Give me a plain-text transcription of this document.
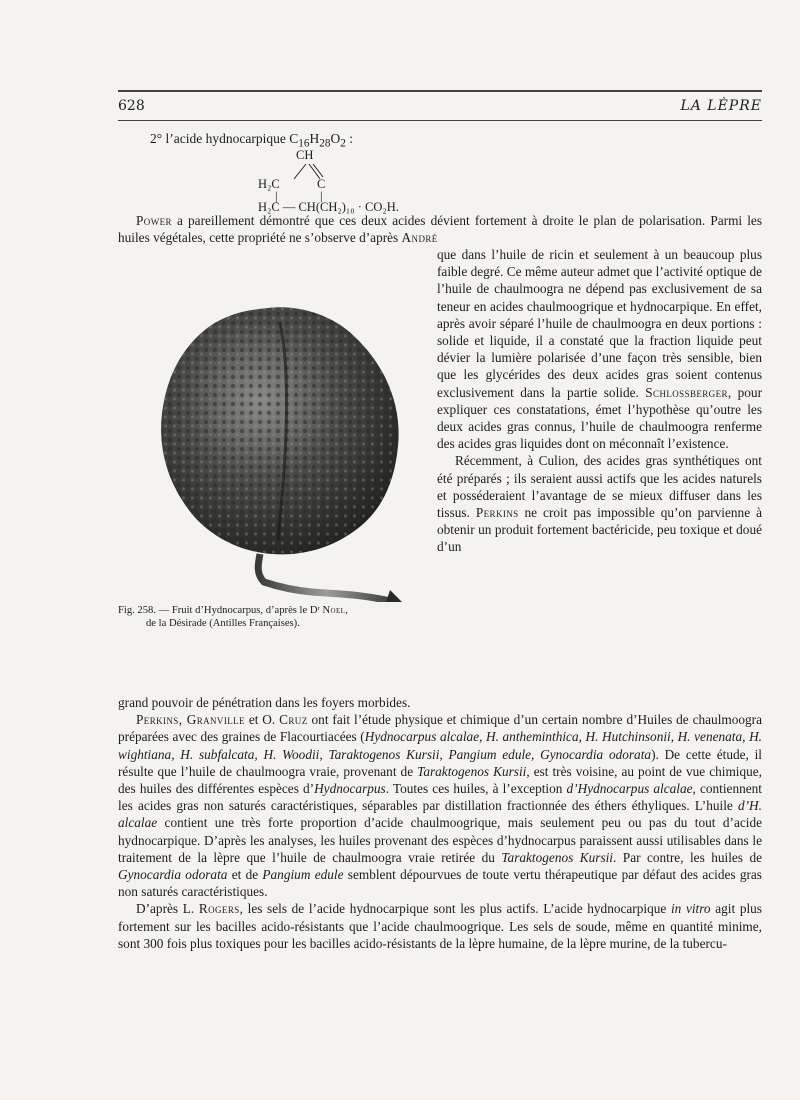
628	LA LÈPRE
2° l’acide hydnocarpique $C_{16}H_{28}O_2$ :
CH
H₂C	C
|	|
H₂C — CH(CH₂)₁₀ · CO₂H.

Power a pareillement démontré que ces deux acides dévient fortement à droite le plan de polarisation. Parmi les huiles végétales, cette propriété ne s’observe d’après André

que dans l’huile de ricin et seulement à un beaucoup plus faible degré. Ce même auteur admet que l’activité optique de l’huile de chaulmoogra ne dépend pas exclusivement de sa teneur en acides chaulmoogrique et hydnocarpique. En effet, après avoir séparé l’huile de chaulmoogra en deux portions : solide et liquide, il a constaté que la fraction liquide peut dévier la lumière polarisée d’une façon très sensible, bien que les glycérides des deux acides gras soient contenus exclusivement dans la partie solide. Schlossberger, pour expliquer ces constatations, émet l’hypothèse qu’outre les deux acides gras connus, l’huile de chaulmoogra renferme des acides gras liquides dont on méconnaît l’existence.

Récemment, à Culion, des acides gras synthétiques ont été préparés ; ils seraient aussi actifs que les acides naturels et posséderaient l’avantage de se mieux diffuser dans les tissus. Perkins ne croit pas impossible qu’on parvienne à obtenir un produit fortement bactéricide, peu toxique et doué d’un

Fig. 258. — Fruit d’Hydnocarpus, d’après le Dʳ Noel,
de la Désirade (Antilles Françaises).

grand pouvoir de pénétration dans les foyers morbides.

Perkins, Granville et O. Cruz ont fait l’étude physique et chimique d’un certain nombre d’Huiles de chaulmoogra préparées avec des graines de Flacourtiacées (Hydnocarpus alcalae, H. antheminthica, H. Hutchinsonii, H. venenata, H. wightiana, H. subfalcata, H. Woodii, Taraktogenos Kursii, Pangium edule, Gynocardia odorata). De cette étude, il résulte que l’huile de chaulmoogra vraie, provenant de Taraktogenos Kursii, est très voisine, au point de vue chimique, des huiles des différentes espèces d’Hydnocarpus. Toutes ces huiles, à l’exception d’Hydnocarpus alcalae, contiennent les acides gras non saturés caractéristiques, séparables par distillation fractionnée des éthers éthyliques. L’huile d’H. alcalae contient une très forte proportion d’acide chaulmoogrique, mais seulement peu ou pas du tout d’acide hydnocarpique. D’après les analyses, les huiles provenant des espèces d’hydnocarpus paraissent aussi utilisables dans le traitement de la lèpre que l’huile de chaulmoogra vraie retirée du Taraktogenos Kursii. Par contre, les huiles de Gynocardia odorata et de Pangium edule semblent dépourvues de toute vertu thérapeutique par défaut des acides gras non saturés caractéristiques.

D’après L. Rogers, les sels de l’acide hydnocarpique sont les plus actifs. L’acide hydnocarpique in vitro agit plus fortement sur les bacilles acido-résistants que l’acide chaulmoogrique. Les sels de soude, même en quantité minime, sont 300 fois plus toxiques pour les bacilles acido-résistants de la lèpre humaine, de la lèpre murine, de la tubercu-
